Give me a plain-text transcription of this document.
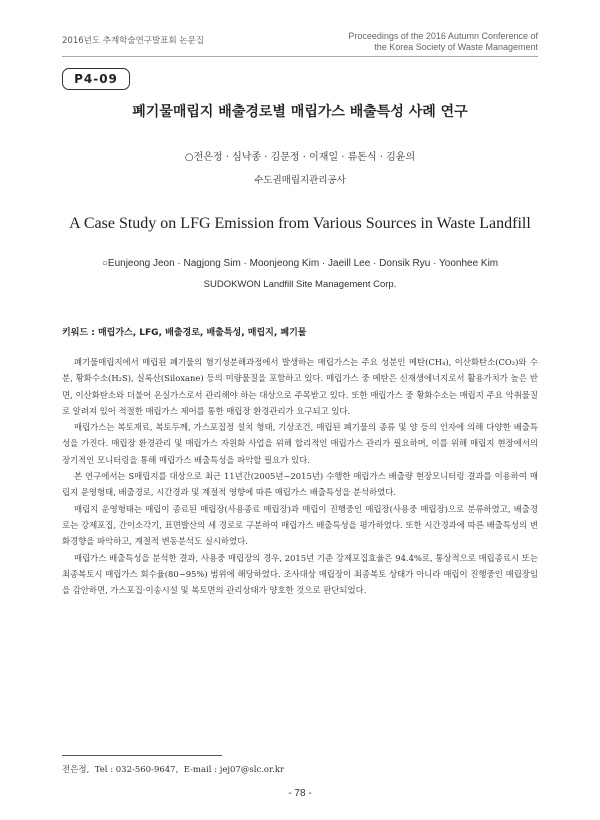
2016년도 추계학술연구발표회 논문집	Proceedings of the 2016 Autumn Conference of
the Korea Society of Waste Management
P4-09
폐기물매립지 배출경로별 매립가스 배출특성 사례 연구
○전은정 · 심낙종 · 김문정 · 이재일 · 류돈식 · 김윤의
수도권매립지관리공사
A Case Study on LFG Emission from Various Sources in Waste Landfill
○Eunjeong Jeon · Nagjong Sim · Moonjeong Kim · Jaeill Lee · Donsik Ryu · Yoonhee Kim
SUDOKWON Landfill Site Management Corp.
키워드 : 매립가스, LFG, 배출경로, 배출특성, 매립지, 폐기물

폐기물매립지에서 매립된 폐기물의 혐기성분해과정에서 발생하는 매립가스는 주요 성분인 메탄(CH₄), 이산화탄소(CO₂)와 수분, 황화수소(H₂S), 실록산(Siloxane) 등의 미량물질을 포함하고 있다. 매립가스 중 메탄은 신재생에너지로서 활용가치가 높은 반면, 이산화탄소와 더불어 온실가스로서 관리해야 하는 대상으로 주목받고 있다. 또한 매립가스 중 황화수소는 매립지 주요 악취물질로 알려져 있어 적절한 매립가스 제어를 통한 매립장 환경관리가 요구되고 있다.

매립가스는 복토재료, 복토두께, 가스포집정 설치 형태, 기상조건, 매립된 폐기물의 종류 및 양 등의 인자에 의해 다양한 배출특성을 가진다. 매립장 환경관리 및 매립가스 자원화 사업을 위해 합리적인 매립가스 관리가 필요하며, 이를 위해 매립지 현장에서의 장기적인 모니터링을 통해 매립가스 배출특성을 파악할 필요가 있다.

본 연구에서는 S매립지를 대상으로 최근 11년간(2005년~2015년) 수행한 매립가스 배출량 현장모니터링 결과를 이용하여 매립지 운영형태, 배출경로, 시간경과 및 계절적 영향에 따른 매립가스 배출특성을 분석하였다.

매립지 운영형태는 매립이 종료된 매립장(사용종료 매립장)과 매립이 진행중인 매립장(사용중 매립장)으로 분류하였고, 배출경로는 강제포집, 간이소각기, 표면발산의 세 경로로 구분하여 매립가스 배출특성을 평가하였다. 또한 시간경과에 따른 배출특성의 변화경향을 파악하고, 계절적 변동분석도 실시하였다.

매립가스 배출특성을 분석한 결과, 사용중 매립장의 경우, 2015년 기준 강제포집효율은 94.4%로, 통상적으로 매립종료시 또는 최종복토시 매립가스 회수율(80~95%) 범위에 해당하였다. 조사대상 매립장이 최종복토 상태가 아니라 매립이 진행중인 매립장임을 감안하면, 가스포집·이송시설 및 복토면의 관리상태가 양호한 것으로 판단되었다.

전은정,  Tel : 032-560-9647,  E-mail : jej07@slc.or.kr
- 78 -
